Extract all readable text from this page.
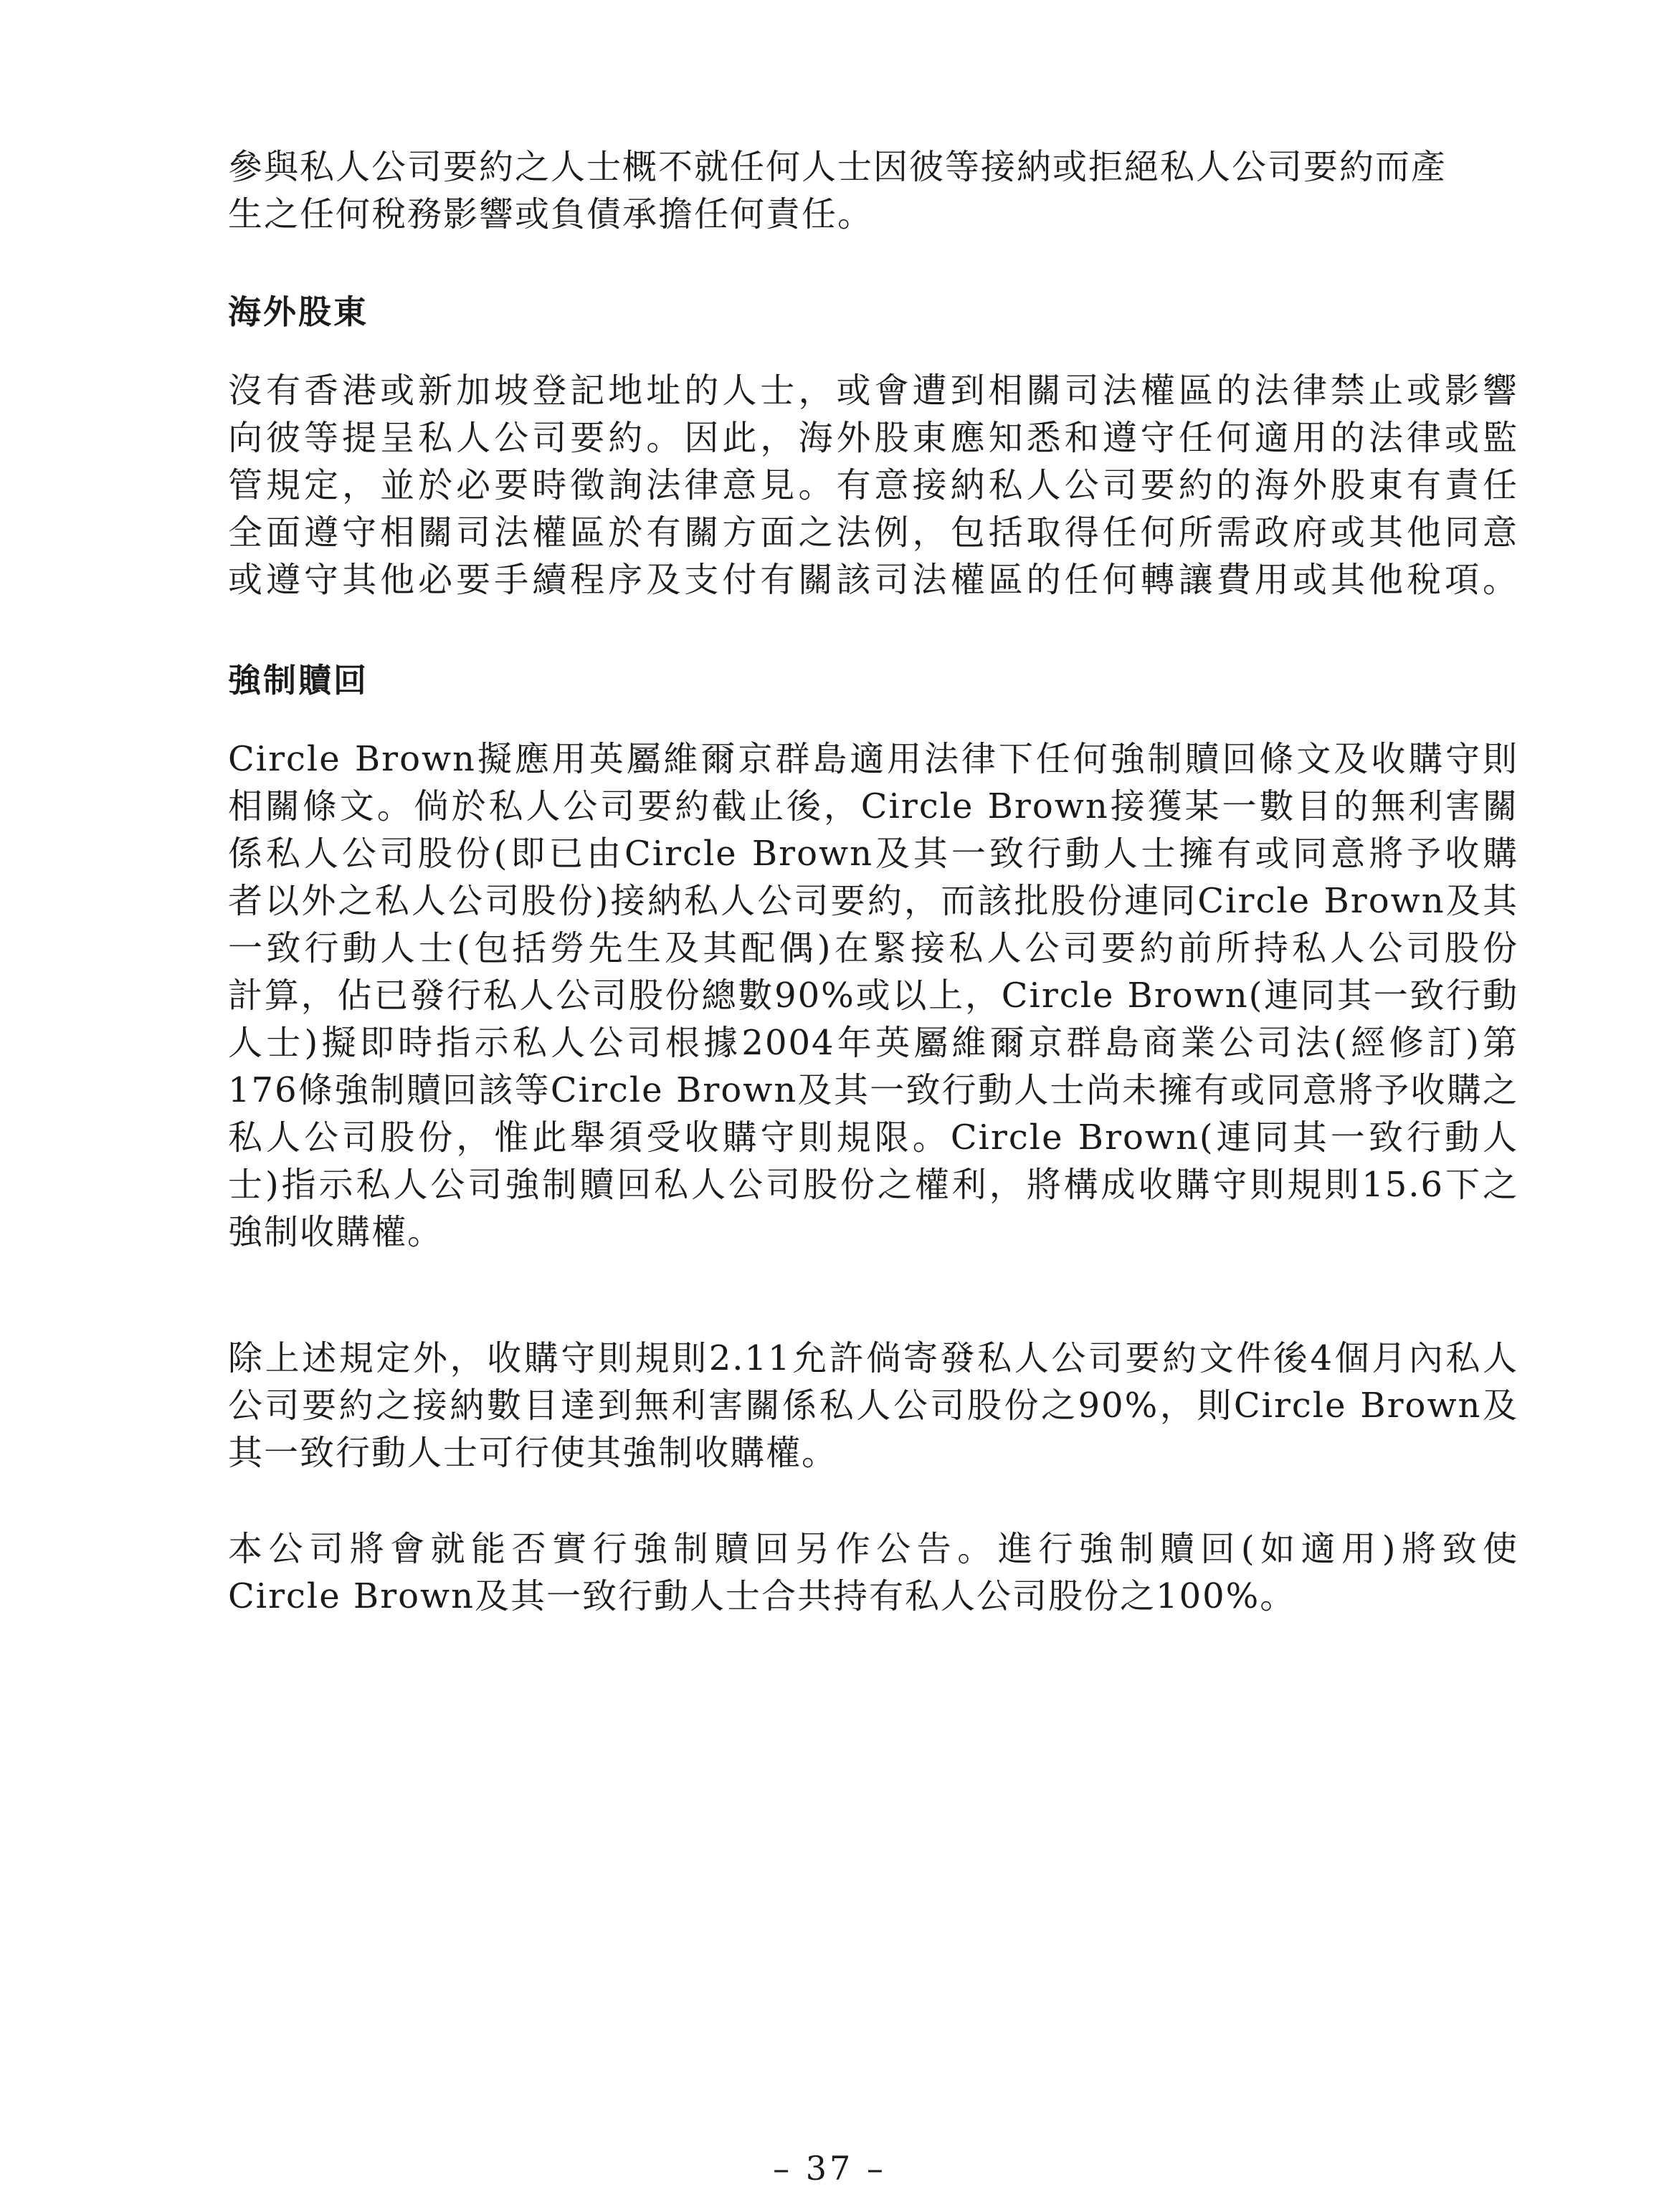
參與私人公司要約之人士概不就任何人士因彼等接納或拒絕私人公司要約而產
生之任何稅務影響或負債承擔任何責任。

海外股東

沒有香港或新加坡登記地址的人士，或會遭到相關司法權區的法律禁止或影響
向彼等提呈私人公司要約。因此，海外股東應知悉和遵守任何適用的法律或監
管規定，並於必要時徵詢法律意見。有意接納私人公司要約的海外股東有責任
全面遵守相關司法權區於有關方面之法例，包括取得任何所需政府或其他同意
或遵守其他必要手續程序及支付有關該司法權區的任何轉讓費用或其他稅項。

強制贖回

Circle Brown擬應用英屬維爾京群島適用法律下任何強制贖回條文及收購守則
相關條文。倘於私人公司要約截止後，Circle Brown接獲某一數目的無利害關
係私人公司股份(即已由Circle Brown及其一致行動人士擁有或同意將予收購
者以外之私人公司股份)接納私人公司要約，而該批股份連同Circle Brown及其
一致行動人士(包括勞先生及其配偶)在緊接私人公司要約前所持私人公司股份
計算，佔已發行私人公司股份總數90%或以上，Circle Brown(連同其一致行動
人士)擬即時指示私人公司根據2004年英屬維爾京群島商業公司法(經修訂)第
176條強制贖回該等Circle Brown及其一致行動人士尚未擁有或同意將予收購之
私人公司股份，惟此舉須受收購守則規限。Circle Brown(連同其一致行動人
士)指示私人公司強制贖回私人公司股份之權利，將構成收購守則規則15.6下之
強制收購權。

除上述規定外，收購守則規則2.11允許倘寄發私人公司要約文件後4個月內私人
公司要約之接納數目達到無利害關係私人公司股份之90%，則Circle Brown及
其一致行動人士可行使其強制收購權。

本公司將會就能否實行強制贖回另作公告。進行強制贖回(如適用)將致使
Circle Brown及其一致行動人士合共持有私人公司股份之100%。

– 37 –
